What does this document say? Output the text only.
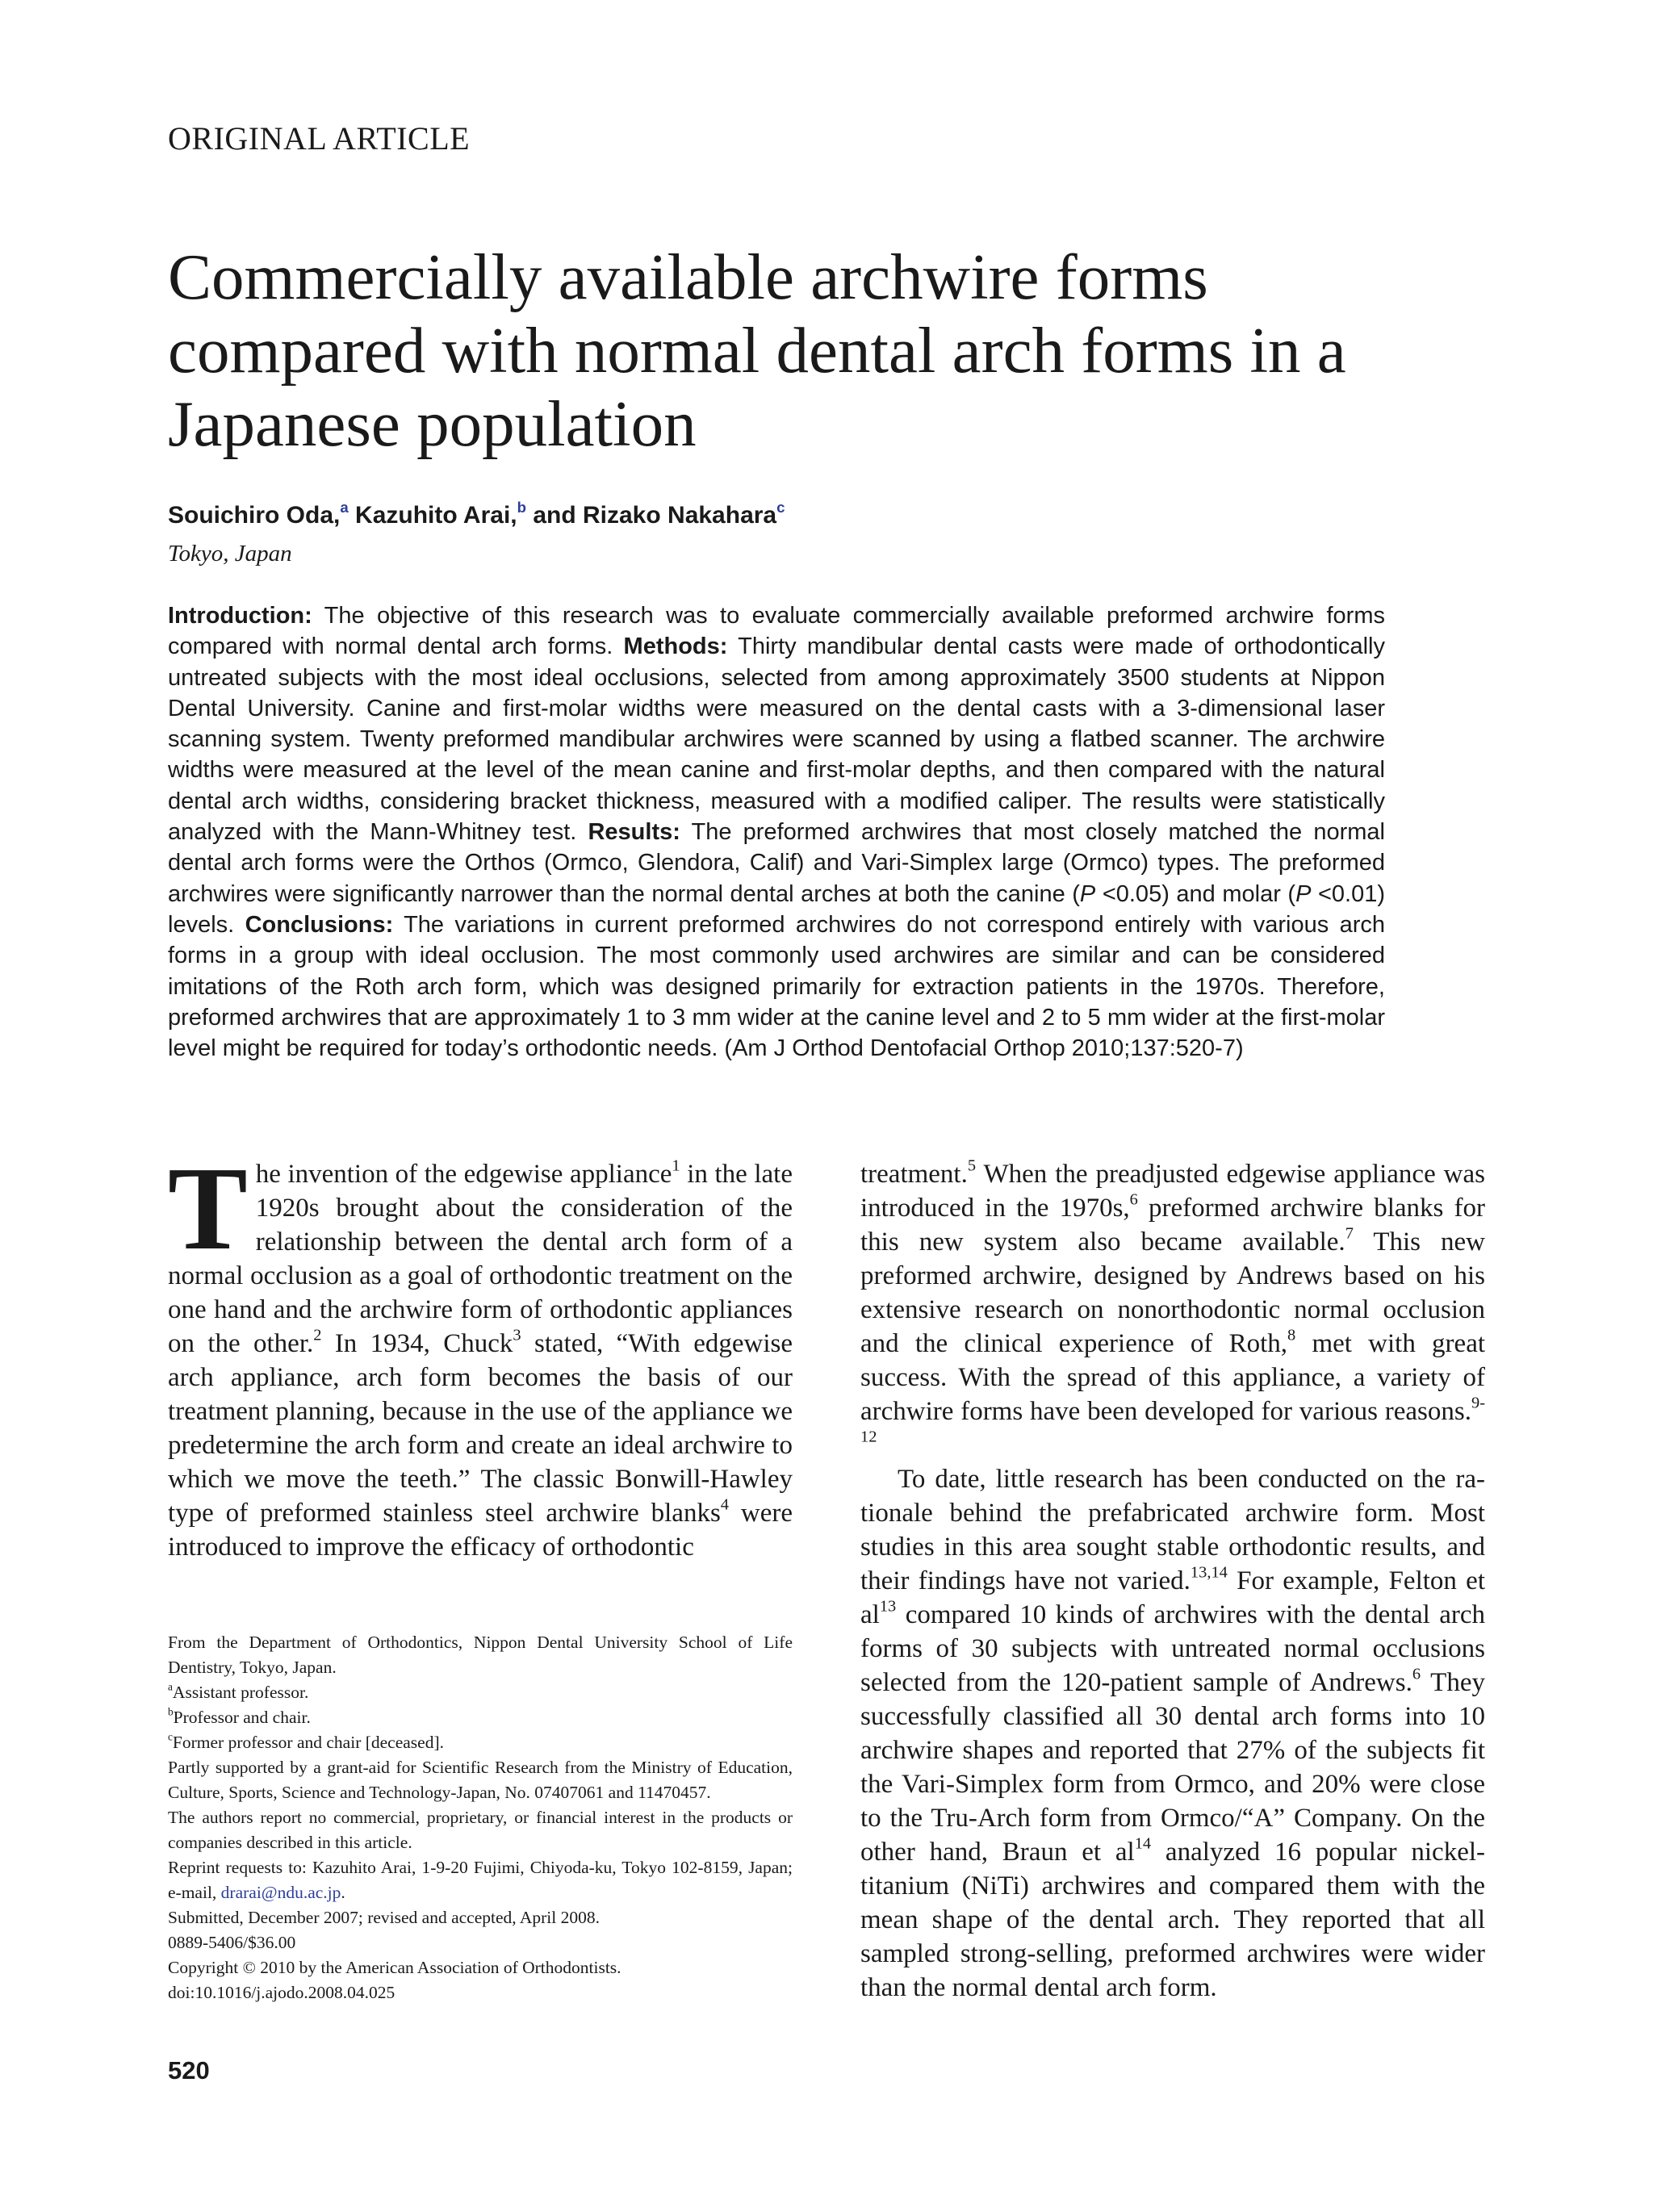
ORIGINAL ARTICLE
Commercially available archwire forms compared with normal dental arch forms in a Japanese population
Souichiro Oda,$^a$ Kazuhito Arai,$^b$ and Rizako Nakahara$^c$
Tokyo, Japan

Introduction: The objective of this research was to evaluate commercially available preformed archwire forms compared with normal dental arch forms. Methods: Thirty mandibular dental casts were made of orthodontically untreated subjects with the most ideal occlusions, selected from among approximately 3500 students at Nippon Dental University. Canine and first-molar widths were measured on the dental casts with a 3-dimensional laser scanning system. Twenty preformed mandibular archwires were scanned by using a flatbed scanner. The archwire widths were measured at the level of the mean canine and first-molar depths, and then compared with the natural dental arch widths, considering bracket thickness, measured with a modified caliper. The results were statistically analyzed with the Mann-Whitney test. Results: The preformed archwires that most closely matched the normal dental arch forms were the Orthos (Ormco, Glendora, Calif) and Vari-Simplex large (Ormco) types. The preformed archwires were significantly narrower than the normal dental arches at both the canine (P <0.05) and molar (P <0.01) levels. Conclusions: The variations in current preformed archwires do not correspond entirely with various arch forms in a group with ideal occlusion. The most commonly used archwires are similar and can be considered imitations of the Roth arch form, which was designed primarily for extraction patients in the 1970s. Therefore, preformed archwires that are approximately 1 to 3 mm wider at the canine level and 2 to 5 mm wider at the first-molar level might be required for today’s orthodontic needs. (Am J Orthod Dentofacial Orthop 2010;137:520-7)

The invention of the edgewise appliance$^1$ in the late 1920s brought about the consideration of the relationship between the dental arch form of a normal occlusion as a goal of orthodontic treatment on the one hand and the archwire form of orthodontic appliances on the other.$^2$ In 1934, Chuck$^3$ stated, “With edgewise arch appliance, arch form becomes the basis of our treatment planning, because in the use of the appliance we predetermine the arch form and create an ideal archwire to which we move the teeth.” The classic Bonwill-Hawley type of preformed stainless steel archwire blanks$^4$ were introduced to improve the efficacy of orthodontic

From the Department of Orthodontics, Nippon Dental University School of Life Dentistry, Tokyo, Japan.

$^a$Assistant professor.

$^b$Professor and chair.

$^c$Former professor and chair [deceased].

Partly supported by a grant-aid for Scientific Research from the Ministry of Education, Culture, Sports, Science and Technology-Japan, No. 07407061 and 11470457.

The authors report no commercial, proprietary, or financial interest in the products or companies described in this article.

Reprint requests to: Kazuhito Arai, 1-9-20 Fujimi, Chiyoda-ku, Tokyo 102-8159, Japan; e-mail, drarai@ndu.ac.jp.

Submitted, December 2007; revised and accepted, April 2008.

0889-5406/$36.00

Copyright © 2010 by the American Association of Orthodontists.

doi:10.1016/j.ajodo.2008.04.025

520

treatment.$^5$ When the preadjusted edgewise appliance was introduced in the 1970s,$^6$ preformed archwire blanks for this new system also became available.$^7$ This new preformed archwire, designed by Andrews based on his extensive research on nonorthodontic normal occlusion and the clinical experience of Roth,$^8$ met with great success. With the spread of this appliance, a variety of archwire forms have been developed for various reasons.$^{9-12}$

To date, little research has been conducted on the rationale behind the prefabricated archwire form. Most studies in this area sought stable orthodontic results, and their findings have not varied.$^{13,14}$ For example, Felton et $al^{13}$ compared 10 kinds of archwires with the dental arch forms of 30 subjects with untreated normal occlusions selected from the 120-patient sample of Andrews.$^6$ They successfully classified all 30 dental arch forms into 10 archwire shapes and reported that 27% of the subjects fit the Vari-Simplex form from Ormco, and 20% were close to the Tru-Arch form from Ormco/“A” Company. On the other hand, Braun et $al^{14}$ analyzed 16 popular nickel-titanium (NiTi) archwires and compared them with the mean shape of the dental arch. They reported that all sampled strong-selling, preformed archwires were wider than the normal dental arch form.
